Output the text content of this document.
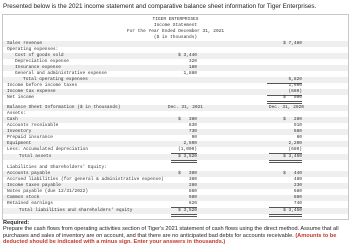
Presented below is the 2021 income statement and comparative balance sheet information for Tiger Enterprises.
TIGER ENTERPRISES
Income Statement
For the Year Ended December 31, 2021
($ in thousands)
Sales revenue	$ 7,480
Operating expenses:
Cost of goods sold	$ 3,440
Depreciation expense	320
Insurance expense	180
General and administrative expense	1,880
Total operating expenses	5,820
Income before income taxes	1,660
Income tax expense	(680)
Net income	$   980
Balance Sheet Information ($ in thousands)	Dec. 31, 2021	Dec. 31, 2020
Assets:
Cash	$   380	$   280
Accounts receivable	830	910
Inventory	730	680
Prepaid insurance	90	60
Equipment	2,500	2,200
Less: Accumulated depreciation	(1,000)	(680)
Total assets	$ 3,520	$ 3,450
Liabilities and Shareholders' Equity:
Accounts payable	$   380	$   440
Accrued liabilities (for general & administrative expense)	380	480
Income taxes payable	280	230
Notes payable (due 12/31/2022)	880	680
Common stock	980	880
Retained earnings	620	740
Total liabilities and shareholders' equity	$ 3,520	$ 3,450
Required:
Prepare the cash flows from operating activities section of Tiger's 2021 statement of cash flows using the direct method. Assume that all purchases and sales of inventory are on account, and that there are no anticipated bad debts for accounts receivable. (Amounts to be deducted should be indicated with a minus sign. Enter your answers in thousands.)
